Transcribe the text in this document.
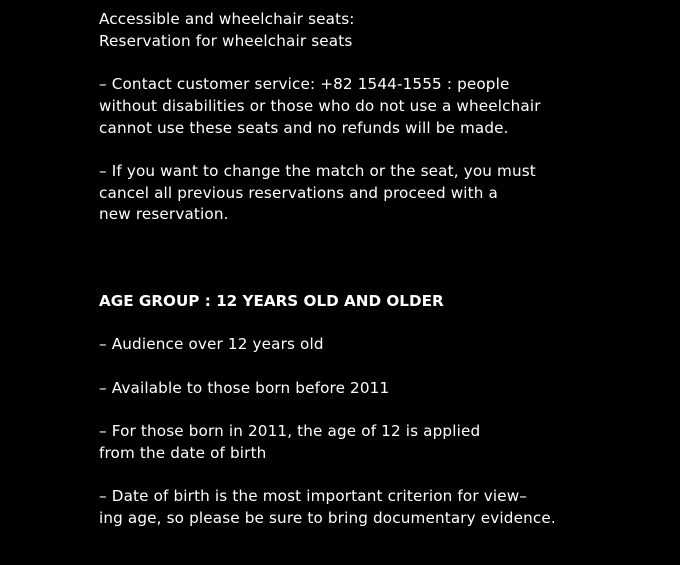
Accessible and wheelchair seats:
Reservation for wheelchair seats

– Contact customer service: +82 1544-1555 : people
without disabilities or those who do not use a wheelchair
cannot use these seats and no refunds will be made.

– If you want to change the match or the seat, you must
cancel all previous reservations and proceed with a
new reservation.

AGE GROUP : 12 YEARS OLD AND OLDER

– Audience over 12 years old

– Available to those born before 2011

– For those born in 2011, the age of 12 is applied
from the date of birth

– Date of birth is the most important criterion for view–
ing age, so please be sure to bring documentary evidence.
